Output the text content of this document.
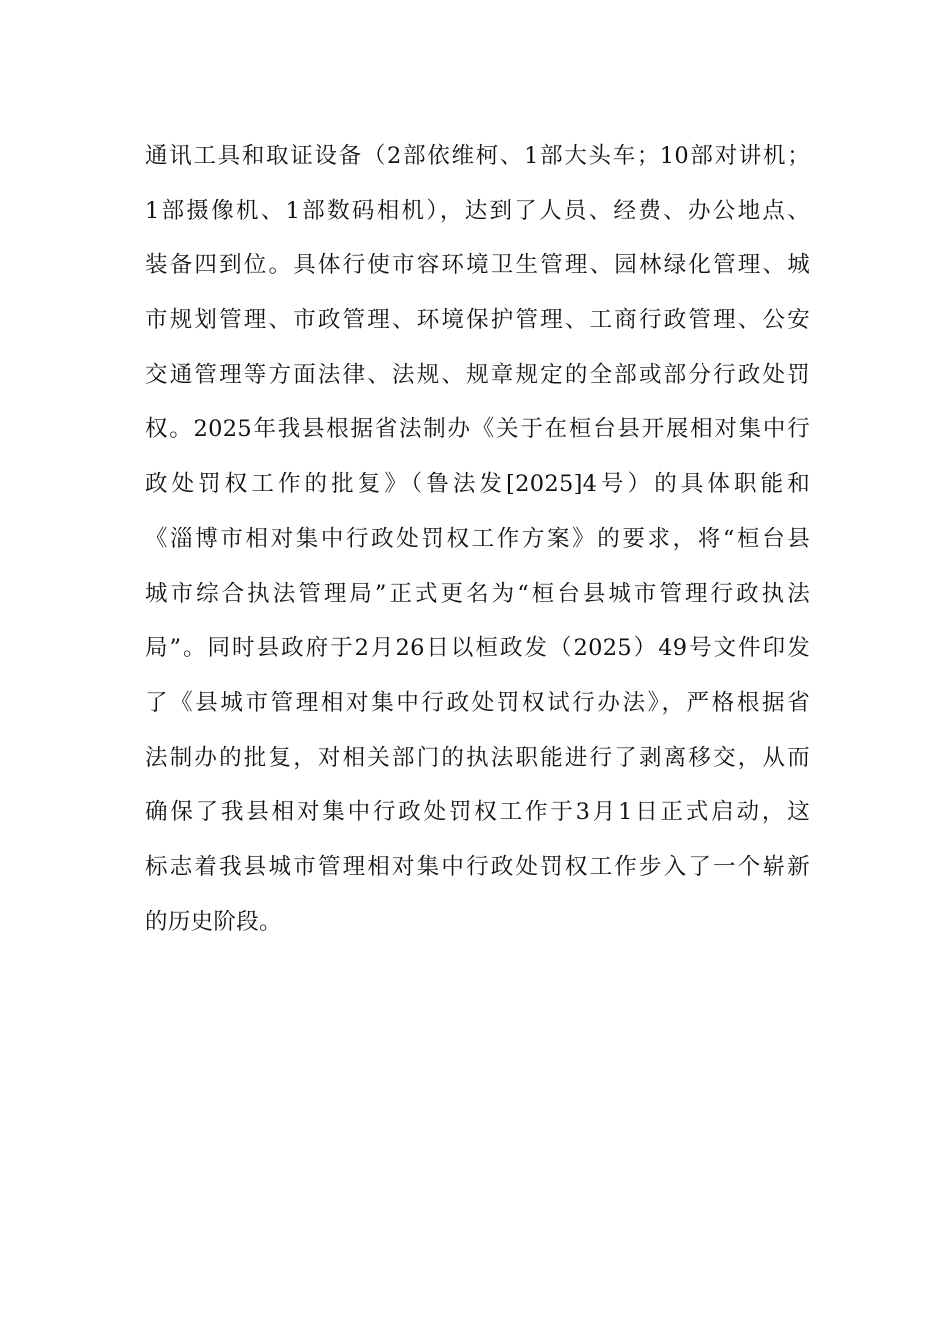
通讯工具和取证设备（2部依维柯、1部大头车；10部对讲机；
1部摄像机、1部数码相机），达到了人员、经费、办公地点、
装备四到位。具体行使市容环境卫生管理、园林绿化管理、城
市规划管理、市政管理、环境保护管理、工商行政管理、公安
交通管理等方面法律、法规、规章规定的全部或部分行政处罚
权。2025年我县根据省法制办《关于在桓台县开展相对集中行
政处罚权工作的批复》（鲁法发[2025]4号）的具体职能和
《淄博市相对集中行政处罚权工作方案》的要求，将“桓台县
城市综合执法管理局”正式更名为“桓台县城市管理行政执法
局”。同时县政府于2月26日以桓政发（2025）49号文件印发
了《县城市管理相对集中行政处罚权试行办法》，严格根据省
法制办的批复，对相关部门的执法职能进行了剥离移交，从而
确保了我县相对集中行政处罚权工作于3月1日正式启动，这
标志着我县城市管理相对集中行政处罚权工作步入了一个崭新
的历史阶段。
